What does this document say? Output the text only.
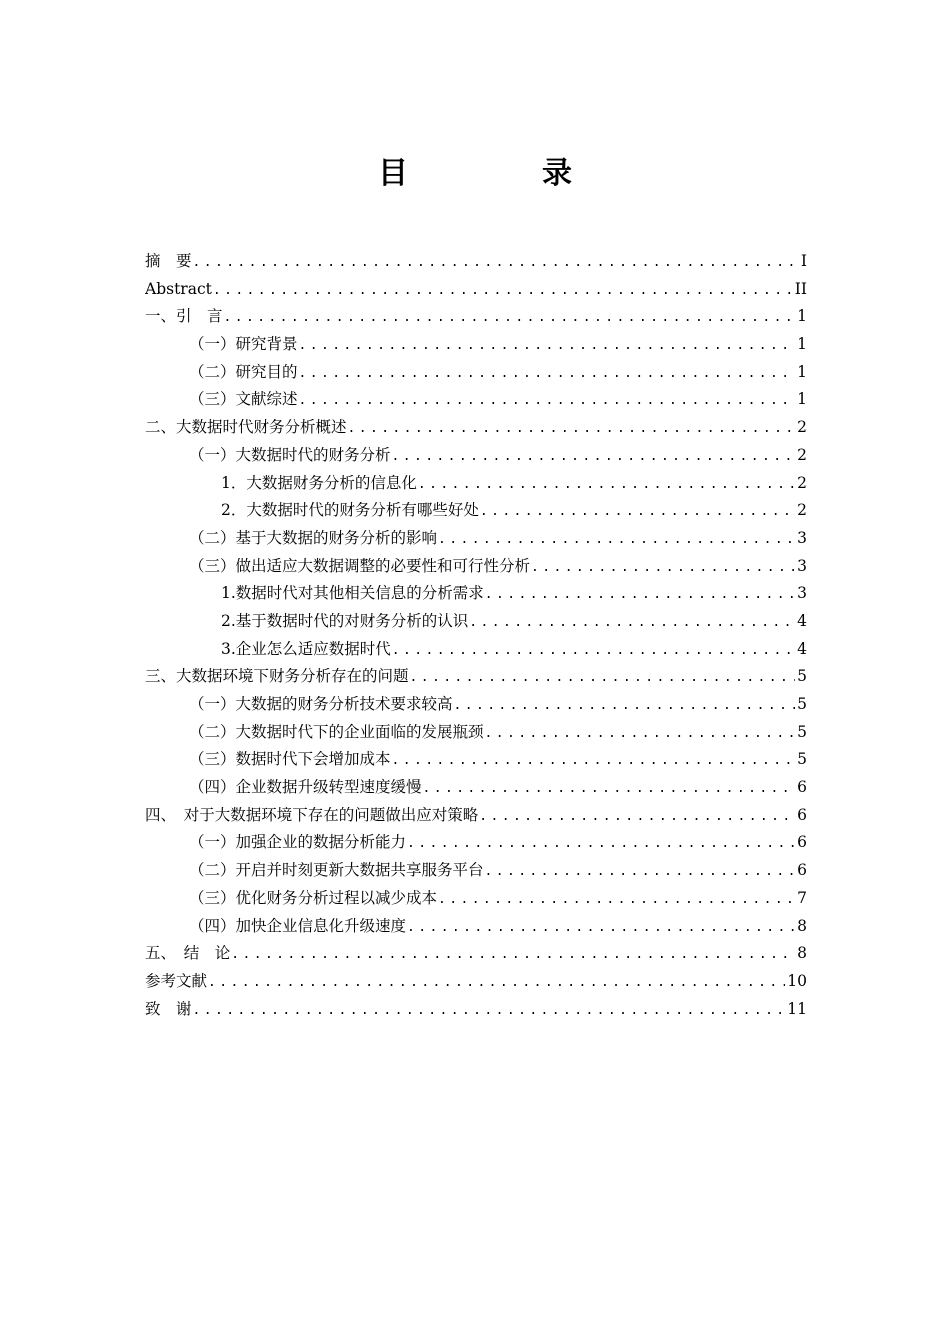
目　录
摘　要 .....	I
Abstract .....	II
一、引　言 .....	1
（一）研究背景 .....	1
（二）研究目的 .....	1
（三）文献综述 .....	1
二、大数据时代财务分析概述 .....	2
（一）大数据时代的财务分析 .....	2
1．大数据财务分析的信息化 .....	2
2．大数据时代的财务分析有哪些好处 .....	2
（二）基于大数据的财务分析的影响 .....	3
（三）做出适应大数据调整的必要性和可行性分析 .....	3
1.数据时代对其他相关信息的分析需求 .....	3
2.基于数据时代的对财务分析的认识 .....	4
3.企业怎么适应数据时代 .....	4
三、大数据环境下财务分析存在的问题 .....	5
（一）大数据的财务分析技术要求较高 .....	5
（二）大数据时代下的企业面临的发展瓶颈 .....	5
（三）数据时代下会增加成本 .....	5
（四）企业数据升级转型速度缓慢 .....	6
四、　对于大数据环境下存在的问题做出应对策略 .....	6
（一）加强企业的数据分析能力 .....	6
（二）开启并时刻更新大数据共享服务平台 .....	6
（三）优化财务分析过程以减少成本 .....	7
（四）加快企业信息化升级速度 .....	8
五、　结　论 .....	8
参考文献 .....	10
致　谢 .....	11
